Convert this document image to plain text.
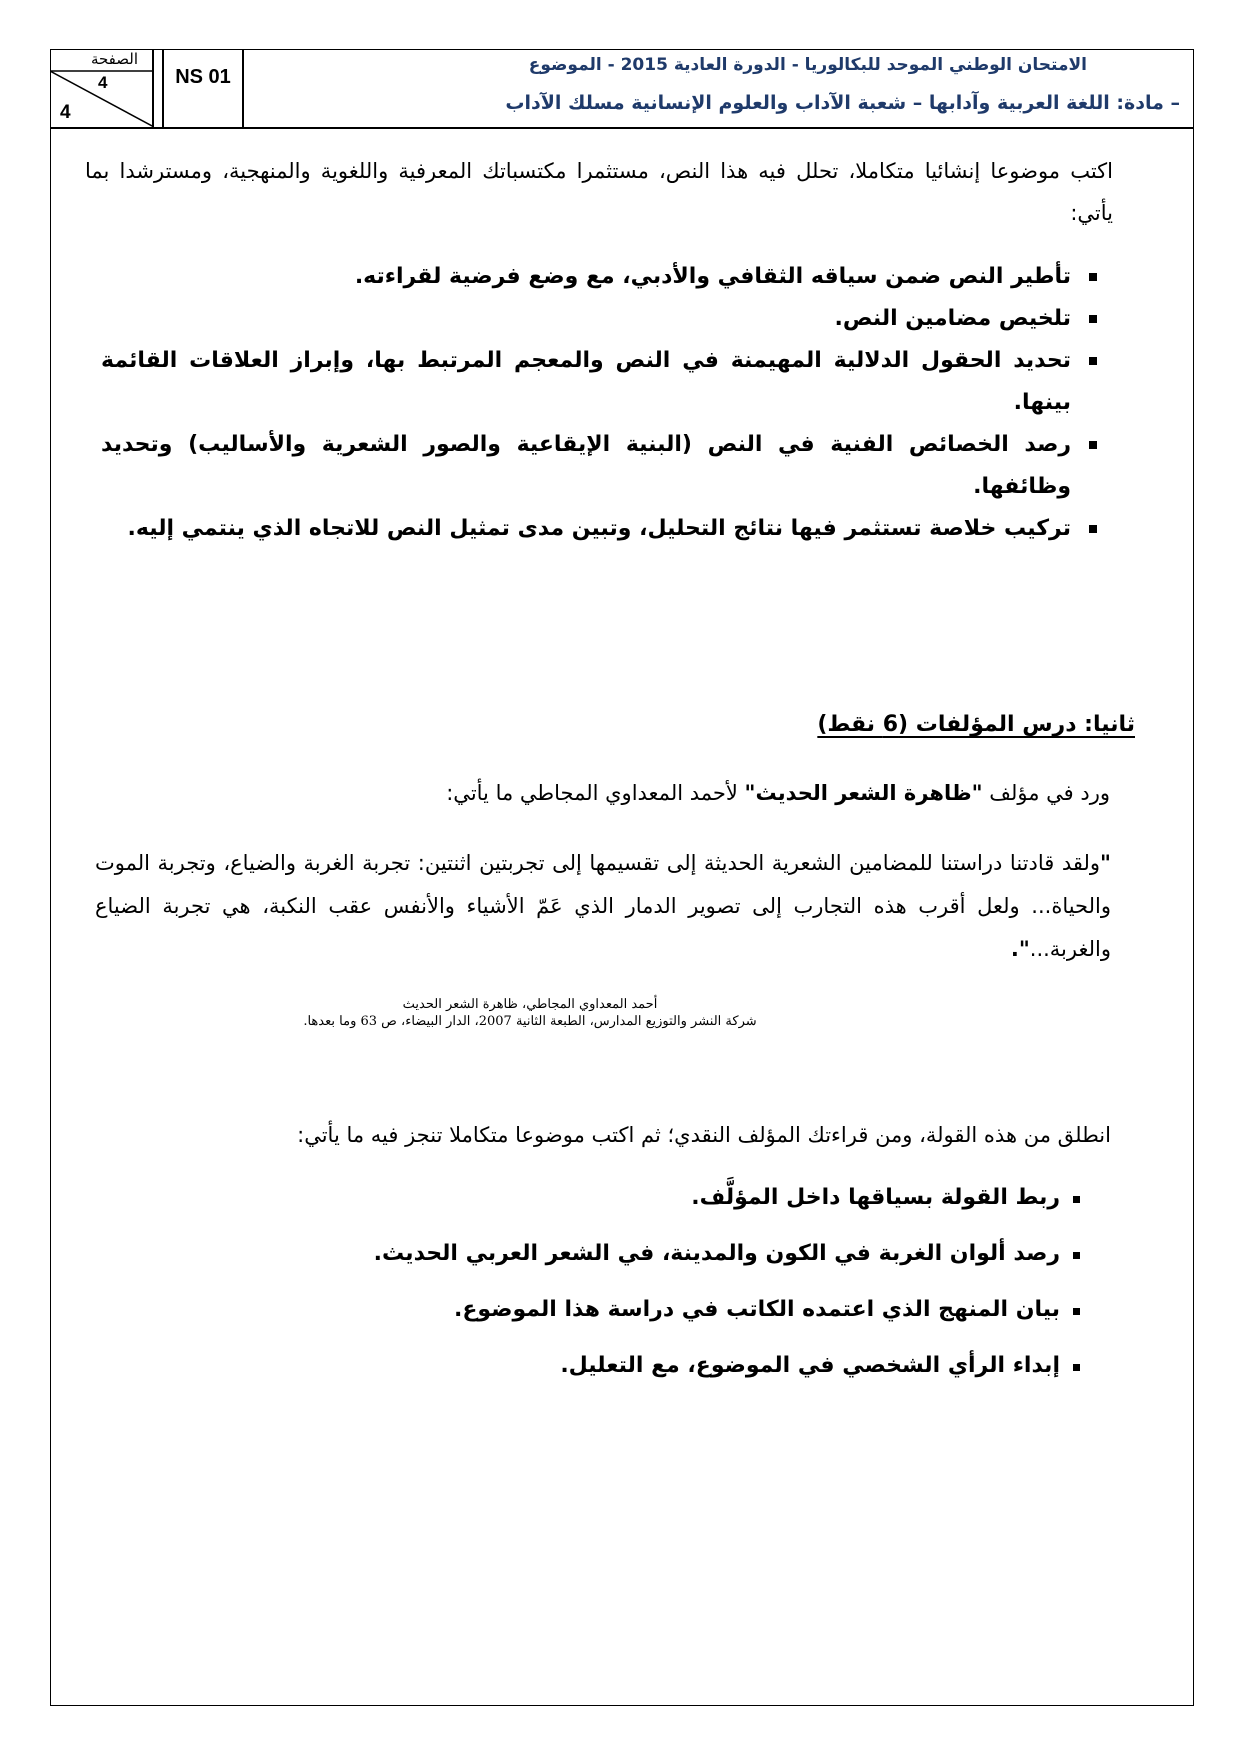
الصفحة
4
4
NS 01
الامتحان الوطني الموحد للبكالوريا - الدورة العادية 2015 - الموضوع
– مادة: اللغة العربية وآدابها – شعبة الآداب والعلوم الإنسانية مسلك الآداب

اكتب موضوعا إنشائيا متكاملا، تحلل فيه هذا النص، مستثمرا مكتسباتك المعرفية واللغوية والمنهجية، ومسترشدا بما يأتي:

تأطير النص ضمن سياقه الثقافي والأدبي، مع وضع فرضية لقراءته.
تلخيص مضامين النص.
تحديد الحقول الدلالية المهيمنة في النص والمعجم المرتبط بها، وإبراز العلاقات القائمة بينها.
رصد الخصائص الفنية في النص (البنية الإيقاعية والصور الشعرية والأساليب) وتحديد وظائفها.
تركيب خلاصة تستثمر فيها نتائج التحليل، وتبين مدى تمثيل النص للاتجاه الذي ينتمي إليه.
ثانيا: درس المؤلفات (6 نقط)

ورد في مؤلف "ظاهرة الشعر الحديث" لأحمد المعداوي المجاطي ما يأتي:

"ولقد قادتنا دراستنا للمضامين الشعرية الحديثة إلى تقسيمها إلى تجربتين اثنتين: تجربة الغربة والضياع، وتجربة الموت والحياة... ولعل أقرب هذه التجارب إلى تصوير الدمار الذي عَمّ الأشياء والأنفس عقب النكبة، هي تجربة الضياع والغربة...".

أحمد المعداوي المجاطي، ظاهرة الشعر الحديث
شركة النشر والتوزيع المدارس، الطبعة الثانية 2007، الدار البيضاء، ص 63 وما بعدها.

انطلق من هذه القولة، ومن قراءتك المؤلف النقدي؛ ثم اكتب موضوعا متكاملا تنجز فيه ما يأتي:

ربط القولة بسياقها داخل المؤلَّف.
رصد ألوان الغربة في الكون والمدينة، في الشعر العربي الحديث.
بيان المنهج الذي اعتمده الكاتب في دراسة هذا الموضوع.
إبداء الرأي الشخصي في الموضوع، مع التعليل.
